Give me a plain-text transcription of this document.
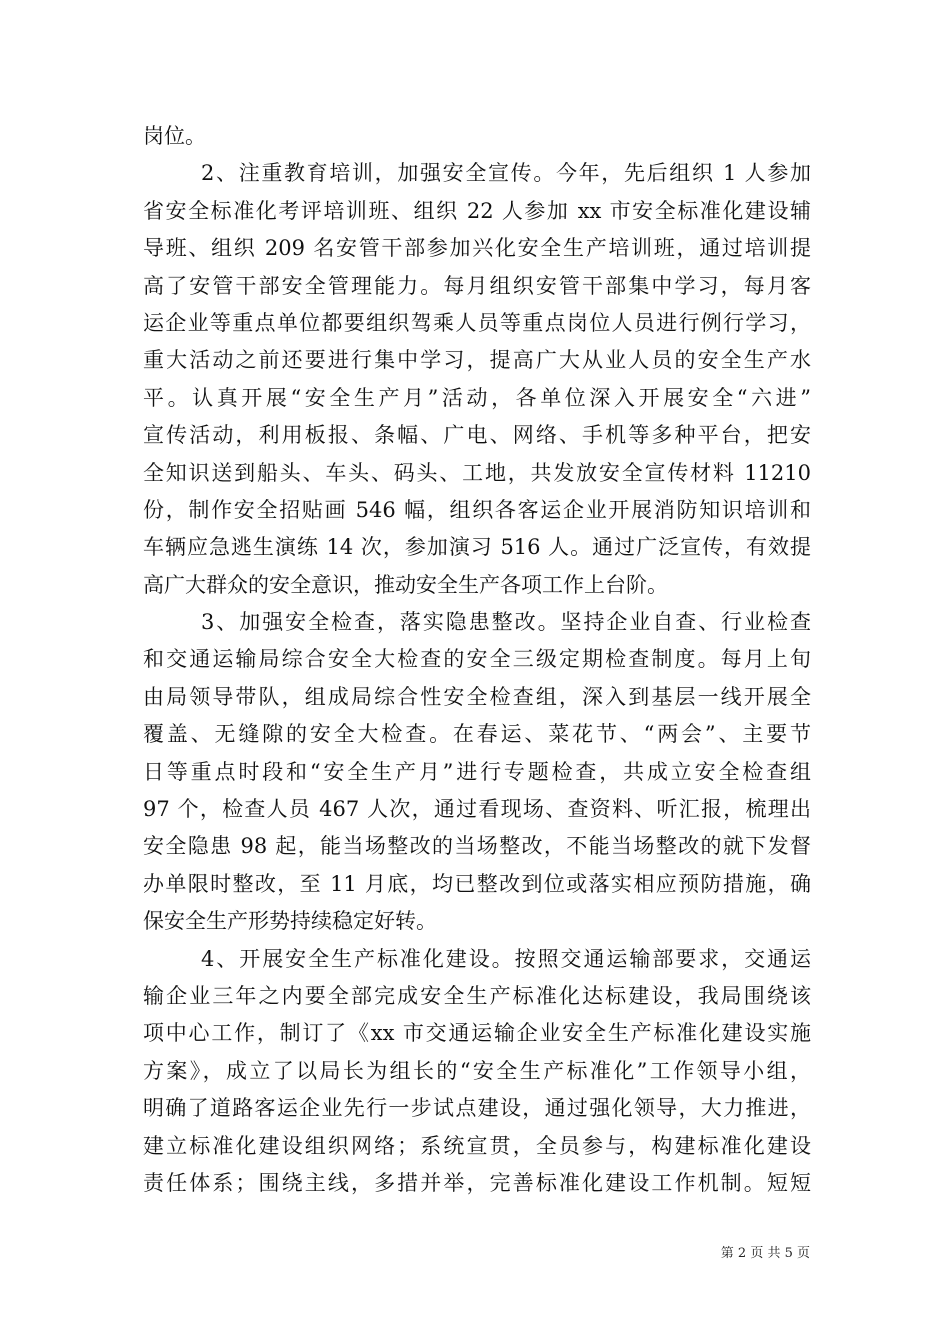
岗位。
2、注重教育培训，加强安全宣传。今年，先后组织 1 人参加
省安全标准化考评培训班、组织 22 人参加 xx 市安全标准化建设辅
导班、组织 209 名安管干部参加兴化安全生产培训班，通过培训提
高了安管干部安全管理能力。每月组织安管干部集中学习，每月客
运企业等重点单位都要组织驾乘人员等重点岗位人员进行例行学习，
重大活动之前还要进行集中学习，提高广大从业人员的安全生产水
平。认真开展“安全生产月”活动，各单位深入开展安全“六进”
宣传活动，利用板报、条幅、广电、网络、手机等多种平台，把安
全知识送到船头、车头、码头、工地，共发放安全宣传材料 11210
份，制作安全招贴画 546 幅，组织各客运企业开展消防知识培训和
车辆应急逃生演练 14 次，参加演习 516 人。通过广泛宣传，有效提
高广大群众的安全意识，推动安全生产各项工作上台阶。
3、加强安全检查，落实隐患整改。坚持企业自查、行业检查
和交通运输局综合安全大检查的安全三级定期检查制度。每月上旬
由局领导带队，组成局综合性安全检查组，深入到基层一线开展全
覆盖、无缝隙的安全大检查。在春运、菜花节、“两会”、主要节
日等重点时段和“安全生产月”进行专题检查，共成立安全检查组
97 个，检查人员 467 人次，通过看现场、查资料、听汇报，梳理出
安全隐患 98 起，能当场整改的当场整改，不能当场整改的就下发督
办单限时整改，至 11 月底，均已整改到位或落实相应预防措施，确
保安全生产形势持续稳定好转。
4、开展安全生产标准化建设。按照交通运输部要求，交通运
输企业三年之内要全部完成安全生产标准化达标建设，我局围绕该
项中心工作，制订了《xx 市交通运输企业安全生产标准化建设实施
方案》，成立了以局长为组长的“安全生产标准化”工作领导小组，
明确了道路客运企业先行一步试点建设，通过强化领导，大力推进，
建立标准化建设组织网络；系统宣贯，全员参与，构建标准化建设
责任体系；围绕主线，多措并举，完善标准化建设工作机制。短短
第 2 页 共 5 页
